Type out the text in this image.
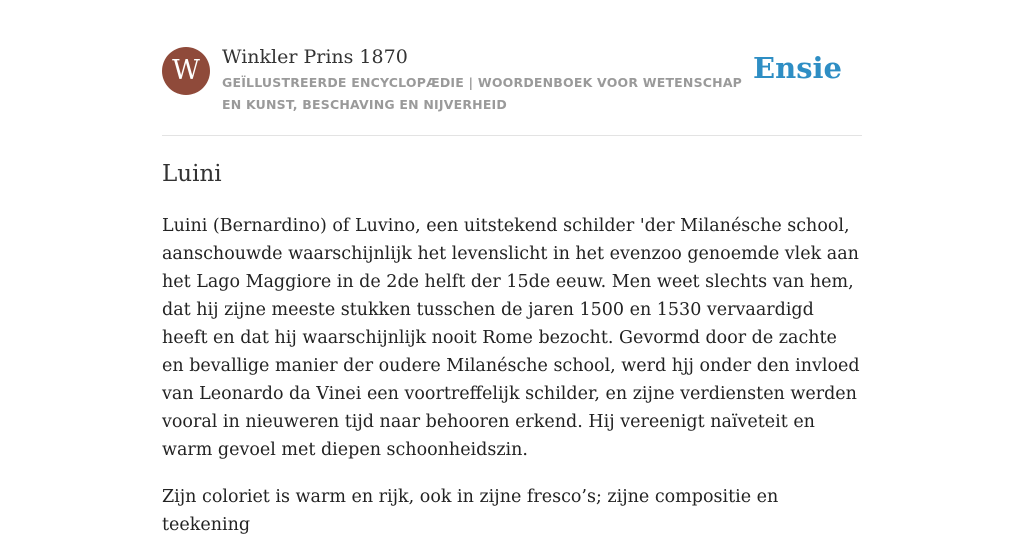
W	Winkler Prins 1870
GEÏLLUSTREERDE ENCYCLOPÆDIE | WOORDENBOEK VOOR WETENSCHAP EN KUNST, BESCHAVING EN NIJVERHEID
Ensie
Luini

Luini (Bernardino) of Luvino, een uitstekend schilder 'der Milanésche school, aanschouwde waarschijnlijk het levenslicht in het evenzoo genoemde vlek aan het Lago Maggiore in de 2de helft der 15de eeuw. Men weet slechts van hem, dat hij zijne meeste stukken tusschen de jaren 1500 en 1530 vervaardigd heeft en dat hij waarschijnlijk nooit Rome bezocht. Gevormd door de zachte en bevallige manier der oudere Milanésche school, werd hjj onder den invloed van Leonardo da Vinei een voortreffelijk schilder, en zijne verdiensten werden vooral in nieuweren tijd naar behooren erkend. Hij vereenigt naïveteit en warm gevoel met diepen schoonheidszin.

Zijn coloriet is warm en rijk, ook in zijne fresco’s; zijne compositie en teekening
